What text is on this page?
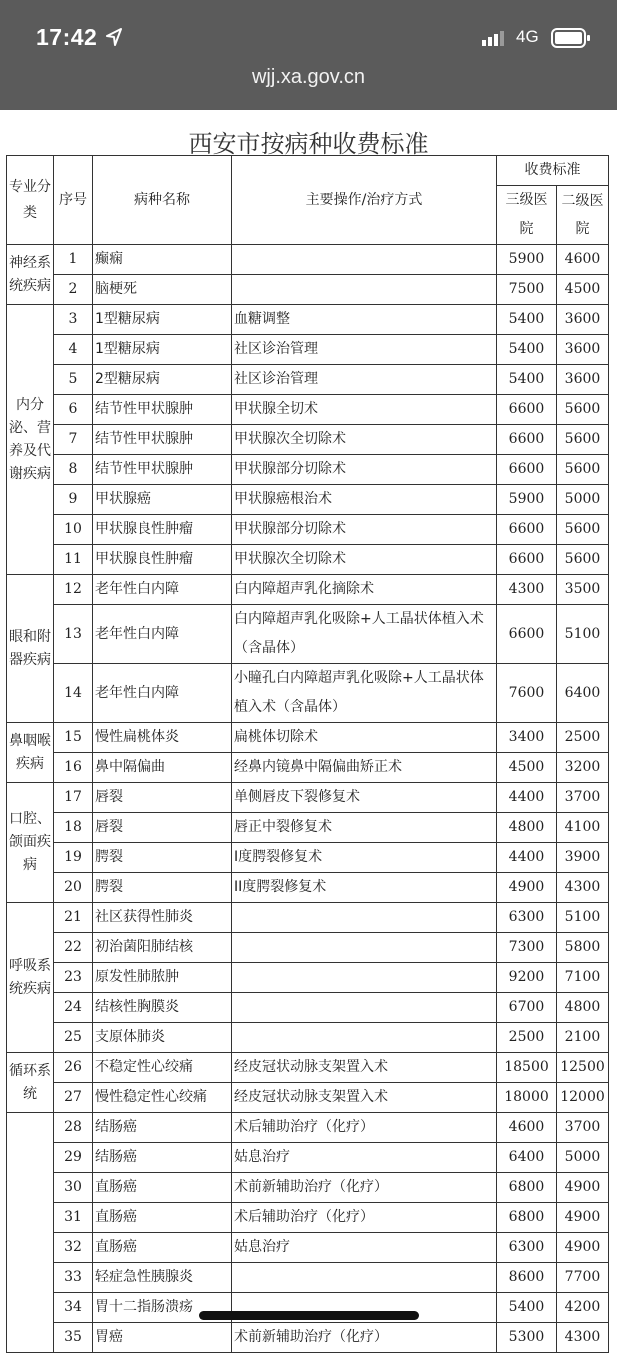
17:42	4G
wjj.xa.gov.cn
西安市按病种收费标准
专业分类	序号	病种名称	主要操作/治疗方式	收费标准	
				三级医院	二级医院
神经系统疾病	1	癫痫		5900	4600
	2	脑梗死		7500	4500
内分泌、营养及代谢疾病	3	1型糖尿病	血糖调整	5400	3600
	4	1型糖尿病	社区诊治管理	5400	3600
	5	2型糖尿病	社区诊治管理	5400	3600
	6	结节性甲状腺肿	甲状腺全切术	6600	5600
	7	结节性甲状腺肿	甲状腺次全切除术	6600	5600
	8	结节性甲状腺肿	甲状腺部分切除术	6600	5600
	9	甲状腺癌	甲状腺癌根治术	5900	5000
	10	甲状腺良性肿瘤	甲状腺部分切除术	6600	5600
	11	甲状腺良性肿瘤	甲状腺次全切除术	6600	5600
眼和附器疾病	12	老年性白内障	白内障超声乳化摘除术	4300	3500
	13	老年性白内障	白内障超声乳化吸除+人工晶状体植入术（含晶体）	6600	5100
	14	老年性白内障	小瞳孔白内障超声乳化吸除+人工晶状体植入术（含晶体）	7600	6400
鼻咽喉疾病	15	慢性扁桃体炎	扁桃体切除术	3400	2500
	16	鼻中隔偏曲	经鼻内镜鼻中隔偏曲矫正术	4500	3200
口腔、颌面疾病	17	唇裂	单侧唇皮下裂修复术	4400	3700
	18	唇裂	唇正中裂修复术	4800	4100
	19	腭裂	I度腭裂修复术	4400	3900
	20	腭裂	II度腭裂修复术	4900	4300
呼吸系统疾病	21	社区获得性肺炎		6300	5100
	22	初治菌阳肺结核		7300	5800
	23	原发性肺脓肿		9200	7100
	24	结核性胸膜炎		6700	4800
	25	支原体肺炎		2500	2100
循环系统	26	不稳定性心绞痛	经皮冠状动脉支架置入术	18500	12500
	27	慢性稳定性心绞痛	经皮冠状动脉支架置入术	18000	12000
	28	结肠癌	术后辅助治疗（化疗）	4600	3700
	29	结肠癌	姑息治疗	6400	5000
	30	直肠癌	术前新辅助治疗（化疗）	6800	4900
	31	直肠癌	术后辅助治疗（化疗）	6800	4900
	32	直肠癌	姑息治疗	6300	4900
	33	轻症急性胰腺炎		8600	7700
	34	胃十二指肠溃疡		5400	4200
	35	胃癌	术前新辅助治疗（化疗）	5300	4300
